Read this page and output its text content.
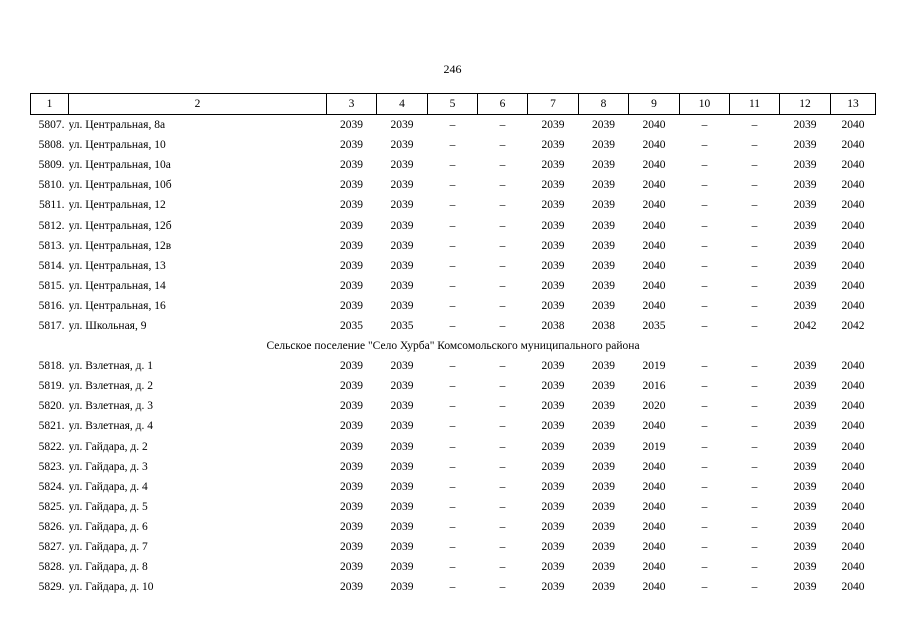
246
1	2	3	4	5	6	7	8	9	10	11	12	13
5807.	ул. Центральная, 8а	2039	2039	–	–	2039	2039	2040	–	–	2039	2040
5808.	ул. Центральная, 10	2039	2039	–	–	2039	2039	2040	–	–	2039	2040
5809.	ул. Центральная, 10а	2039	2039	–	–	2039	2039	2040	–	–	2039	2040
5810.	ул. Центральная, 10б	2039	2039	–	–	2039	2039	2040	–	–	2039	2040
5811.	ул. Центральная, 12	2039	2039	–	–	2039	2039	2040	–	–	2039	2040
5812.	ул. Центральная, 12б	2039	2039	–	–	2039	2039	2040	–	–	2039	2040
5813.	ул. Центральная, 12в	2039	2039	–	–	2039	2039	2040	–	–	2039	2040
5814.	ул. Центральная, 13	2039	2039	–	–	2039	2039	2040	–	–	2039	2040
5815.	ул. Центральная, 14	2039	2039	–	–	2039	2039	2040	–	–	2039	2040
5816.	ул. Центральная, 16	2039	2039	–	–	2039	2039	2040	–	–	2039	2040
5817.	ул. Школьная, 9	2035	2035	–	–	2038	2038	2035	–	–	2042	2042
Сельское поселение "Село Хурба" Комсомольского муниципального района												
5818.	ул. Взлетная, д. 1	2039	2039	–	–	2039	2039	2019	–	–	2039	2040
5819.	ул. Взлетная, д. 2	2039	2039	–	–	2039	2039	2016	–	–	2039	2040
5820.	ул. Взлетная, д. 3	2039	2039	–	–	2039	2039	2020	–	–	2039	2040
5821.	ул. Взлетная, д. 4	2039	2039	–	–	2039	2039	2040	–	–	2039	2040
5822.	ул. Гайдара, д. 2	2039	2039	–	–	2039	2039	2019	–	–	2039	2040
5823.	ул. Гайдара, д. 3	2039	2039	–	–	2039	2039	2040	–	–	2039	2040
5824.	ул. Гайдара, д. 4	2039	2039	–	–	2039	2039	2040	–	–	2039	2040
5825.	ул. Гайдара, д. 5	2039	2039	–	–	2039	2039	2040	–	–	2039	2040
5826.	ул. Гайдара, д. 6	2039	2039	–	–	2039	2039	2040	–	–	2039	2040
5827.	ул. Гайдара, д. 7	2039	2039	–	–	2039	2039	2040	–	–	2039	2040
5828.	ул. Гайдара, д. 8	2039	2039	–	–	2039	2039	2040	–	–	2039	2040
5829.	ул. Гайдара, д. 10	2039	2039	–	–	2039	2039	2040	–	–	2039	2040
